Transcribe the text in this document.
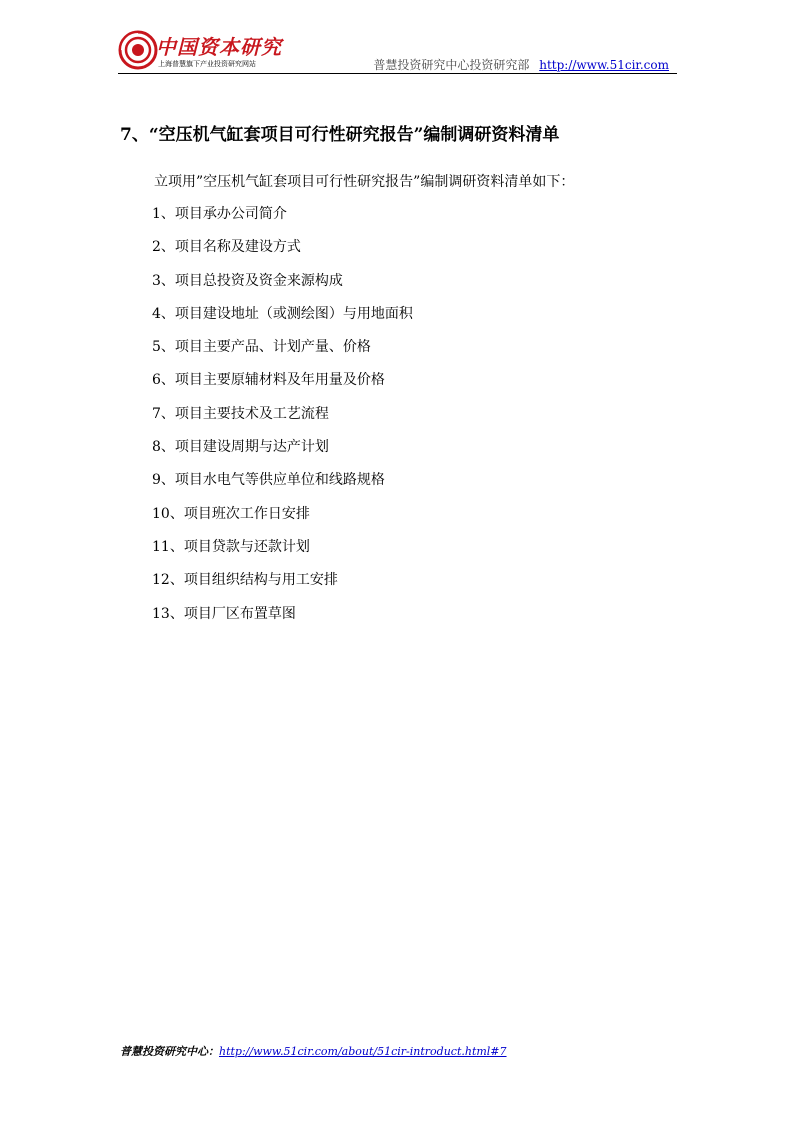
中国资本研究
上海普慧旗下产业投资研究网站	普慧投资研究中心投资研究部 http://www.51cir.com
7、“空压机气缸套项目可行性研究报告”编制调研资料清单
立项用”空压机气缸套项目可行性研究报告”编制调研资料清单如下：
1、项目承办公司简介
2、项目名称及建设方式
3、项目总投资及资金来源构成
4、项目建设地址（或测绘图）与用地面积
5、项目主要产品、计划产量、价格
6、项目主要原辅材料及年用量及价格
7、项目主要技术及工艺流程
8、项目建设周期与达产计划
9、项目水电气等供应单位和线路规格
10、项目班次工作日安排
11、项目贷款与还款计划
12、项目组织结构与用工安排
13、项目厂区布置草图
普慧投资研究中心：http://www.51cir.com/about/51cir-introduct.html#7
